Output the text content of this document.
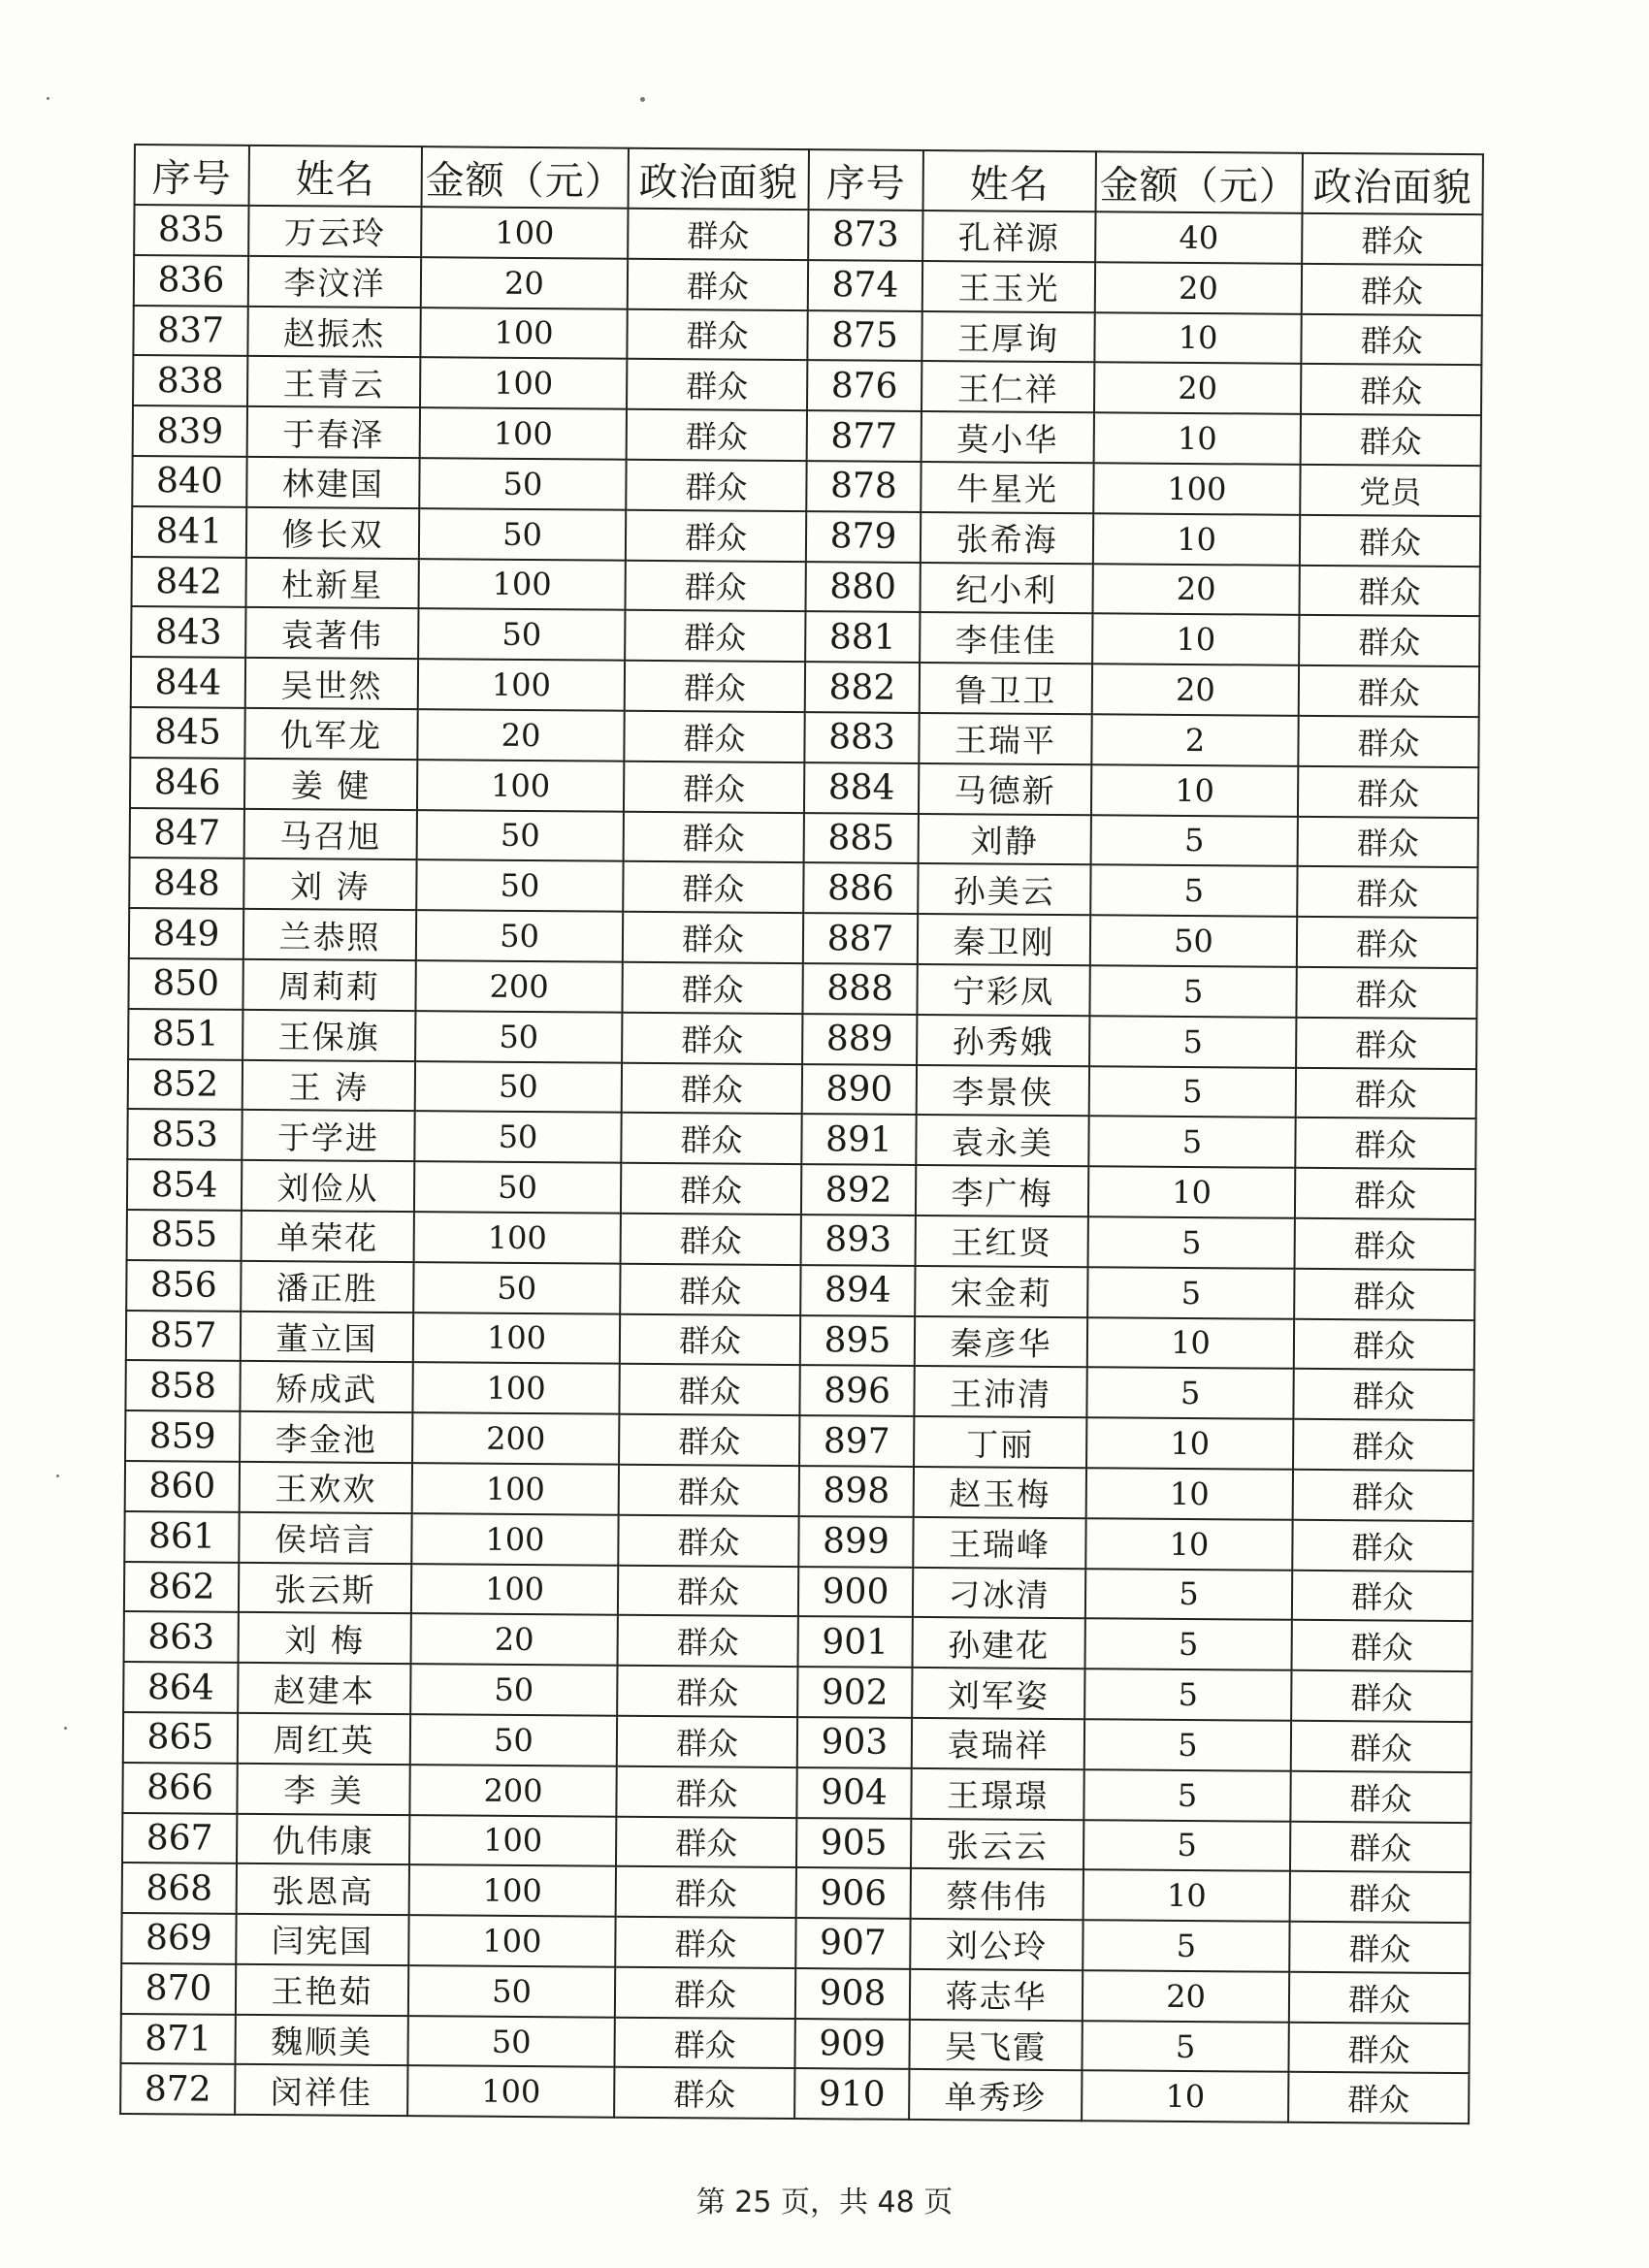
序号	姓名	金额（元）	政治面貌	序号	姓名	金额（元）	政治面貌
835	万云玲	100	群众	873	孔祥源	40	群众
836	李汶洋	20	群众	874	王玉光	20	群众
837	赵振杰	100	群众	875	王厚询	10	群众
838	王青云	100	群众	876	王仁祥	20	群众
839	于春泽	100	群众	877	莫小华	10	群众
840	林建国	50	群众	878	牛星光	100	党员
841	修长双	50	群众	879	张希海	10	群众
842	杜新星	100	群众	880	纪小利	20	群众
843	袁著伟	50	群众	881	李佳佳	10	群众
844	吴世然	100	群众	882	鲁卫卫	20	群众
845	仇军龙	20	群众	883	王瑞平	2	群众
846	姜 健	100	群众	884	马德新	10	群众
847	马召旭	50	群众	885	刘静	5	群众
848	刘 涛	50	群众	886	孙美云	5	群众
849	兰恭照	50	群众	887	秦卫刚	50	群众
850	周莉莉	200	群众	888	宁彩凤	5	群众
851	王保旗	50	群众	889	孙秀娥	5	群众
852	王 涛	50	群众	890	李景侠	5	群众
853	于学进	50	群众	891	袁永美	5	群众
854	刘俭从	50	群众	892	李广梅	10	群众
855	单荣花	100	群众	893	王红贤	5	群众
856	潘正胜	50	群众	894	宋金莉	5	群众
857	董立国	100	群众	895	秦彦华	10	群众
858	矫成武	100	群众	896	王沛清	5	群众
859	李金池	200	群众	897	丁丽	10	群众
860	王欢欢	100	群众	898	赵玉梅	10	群众
861	侯培言	100	群众	899	王瑞峰	10	群众
862	张云斯	100	群众	900	刁冰清	5	群众
863	刘 梅	20	群众	901	孙建花	5	群众
864	赵建本	50	群众	902	刘军姿	5	群众
865	周红英	50	群众	903	袁瑞祥	5	群众
866	李 美	200	群众	904	王璟璟	5	群众
867	仇伟康	100	群众	905	张云云	5	群众
868	张恩高	100	群众	906	蔡伟伟	10	群众
869	闫宪国	100	群众	907	刘公玲	5	群众
870	王艳茹	50	群众	908	蒋志华	20	群众
871	魏顺美	50	群众	909	吴飞霞	5	群众
872	闵祥佳	100	群众	910	单秀珍	10	群众
第 25 页，共 48 页
